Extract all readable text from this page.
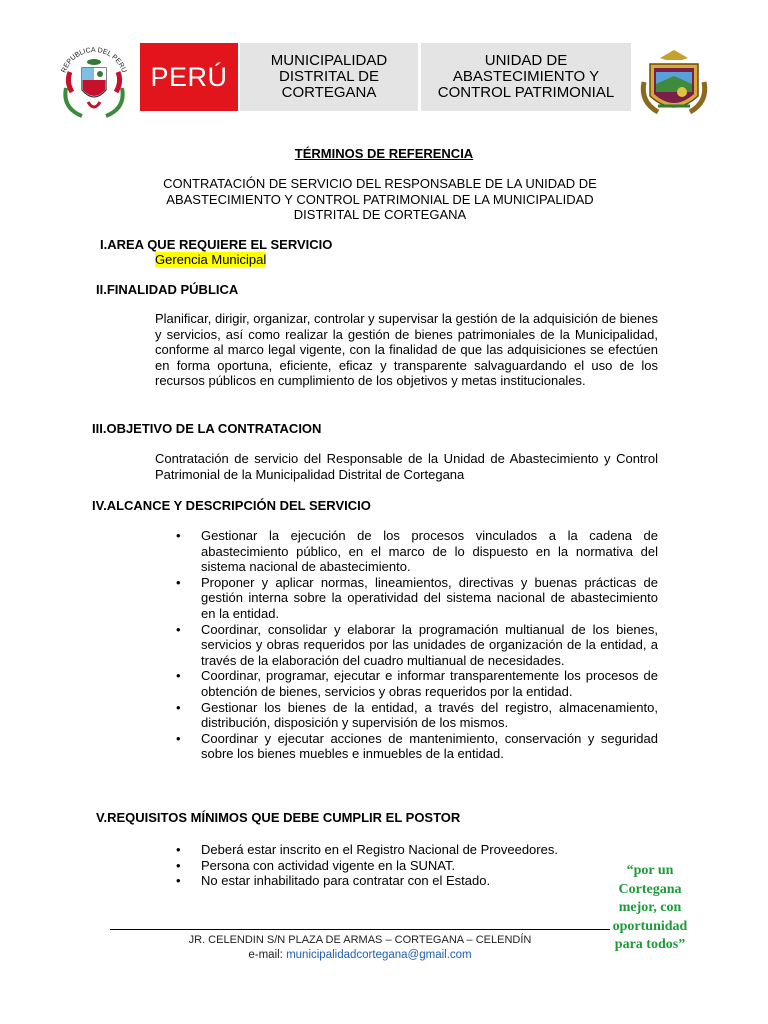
REPUBLICA DEL PERU PERÚ
MUNICIPALIDAD
DISTRITAL DE
CORTEGANA
UNIDAD DE
ABASTECIMIENTO Y
CONTROL PATRIMONIAL
TÉRMINOS DE REFERENCIA
CONTRATACIÓN DE SERVICIO DEL RESPONSABLE DE LA UNIDAD DE
ABASTECIMIENTO Y CONTROL PATRIMONIAL DE LA MUNICIPALIDAD
DISTRITAL DE CORTEGANA
I.AREA QUE REQUIERE EL SERVICIO
Gerencia Municipal
II.FINALIDAD PÚBLICA
Planificar, dirigir, organizar, controlar y supervisar la gestión de la adquisición de bienes y servicios, así como realizar la gestión de bienes patrimoniales de la Municipalidad, conforme al marco legal vigente, con la finalidad de que las adquisiciones se efectúen en forma oportuna, eficiente, eficaz y transparente salvaguardando el uso de los recursos públicos en cumplimiento de los objetivos y metas institucionales.
III.OBJETIVO DE LA CONTRATACION
Contratación de servicio del Responsable de la Unidad de Abastecimiento y Control Patrimonial de la Municipalidad Distrital de Cortegana
IV.ALCANCE Y DESCRIPCIÓN DEL SERVICIO
• Gestionar la ejecución de los procesos vinculados a la cadena de abastecimiento público, en el marco de lo dispuesto en la normativa del sistema nacional de abastecimiento.
• Proponer y aplicar normas, lineamientos, directivas y buenas prácticas de gestión interna sobre la operatividad del sistema nacional de abastecimiento en la entidad.
• Coordinar, consolidar y elaborar la programación multianual de los bienes, servicios y obras requeridos por las unidades de organización de la entidad, a través de la elaboración del cuadro multianual de necesidades.
• Coordinar, programar, ejecutar e informar transparentemente los procesos de obtención de bienes, servicios y obras requeridos por la entidad.
• Gestionar los bienes de la entidad, a través del registro, almacenamiento, distribución, disposición y supervisión de los mismos.
• Coordinar y ejecutar acciones de mantenimiento, conservación y seguridad sobre los bienes muebles e inmuebles de la entidad.
V.REQUISITOS MÍNIMOS QUE DEBE CUMPLIR EL POSTOR
• Deberá estar inscrito en el Registro Nacional de Proveedores.
• Persona con actividad vigente en la SUNAT.
• No estar inhabilitado para contratar con el Estado.
JR. CELENDIN S/N PLAZA DE ARMAS – CORTEGANA – CELENDÍN
e-mail: municipalidadcortegana@gmail.com
“por un
Cortegana
mejor, con
oportunidad
para todos”
